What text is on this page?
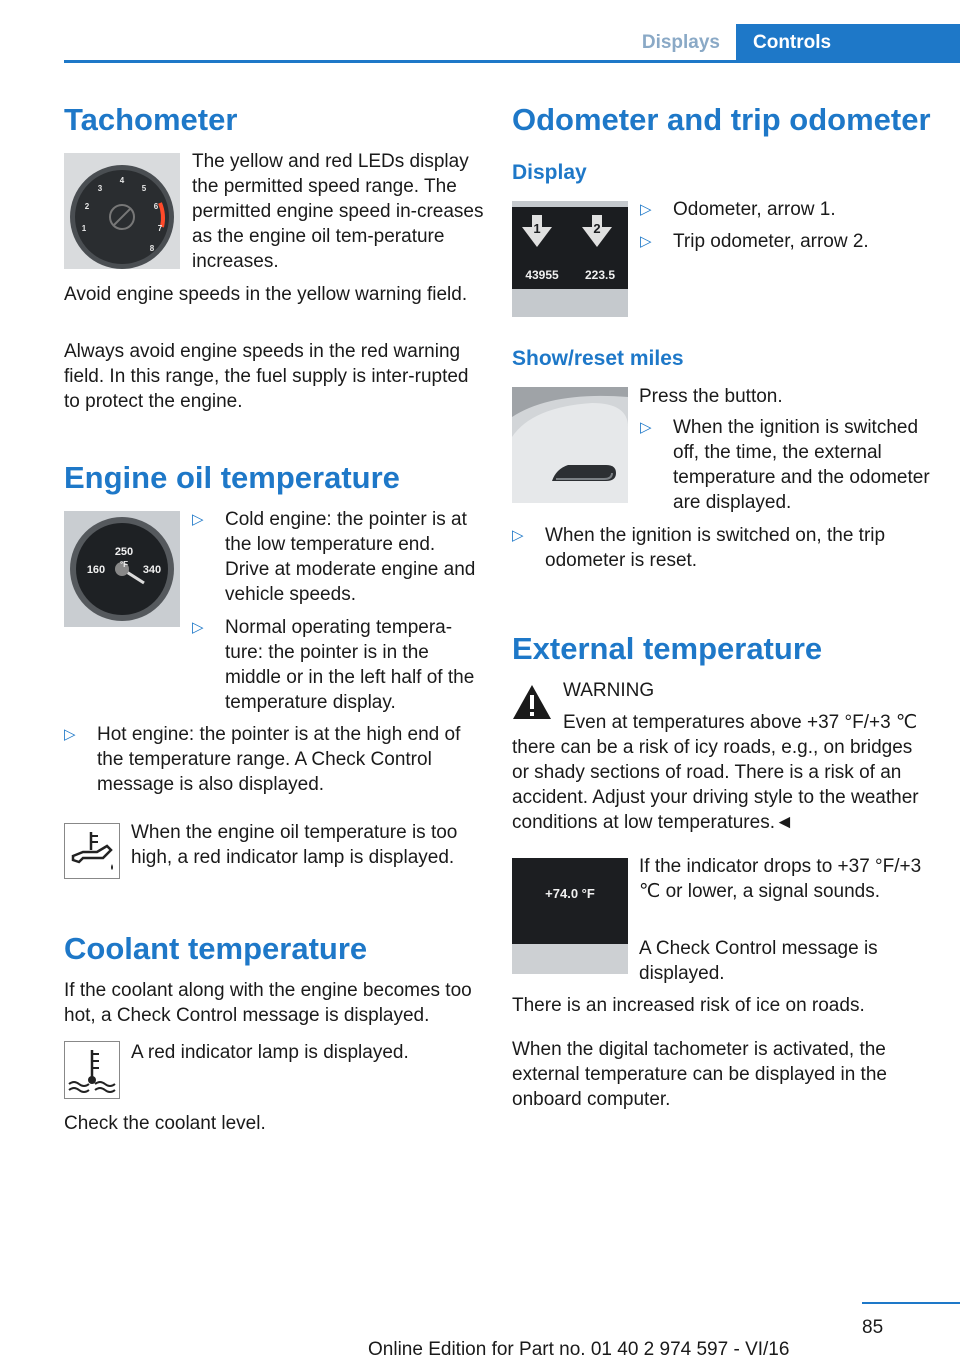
Displays	Controls
Tachometer
1
2
3
4
5
6
7
8

The yellow and red LEDs display the permitted speed range. The permitted engine speed in-creases as the engine oil tem-perature increases.

Avoid engine speeds in the yellow warning field.

Always avoid engine speeds in the red warning field. In this range, the fuel supply is inter-rupted to protect the engine.

Engine oil temperature
250
°F
160	340
▷	Cold engine: the pointer is at the low temperature end. Drive at moderate engine and vehicle speeds.
▷	Normal operating tempera-ture: the pointer is in the middle or in the left half of the temperature display.
▷	Hot engine: the pointer is at the high end of the temperature range. A Check Control message is also displayed.

When the engine oil temperature is too high, a red indicator lamp is displayed.

Coolant temperature

If the coolant along with the engine becomes too hot, a Check Control message is displayed.

A red indicator lamp is displayed.

Check the coolant level.

Odometer and trip odometer
Display
1	2
43955 223.5
▷	Odometer, arrow 1.
▷	Trip odometer, arrow 2.
Show/reset miles

Press the button.

▷	When the ignition is switched off, the time, the external temperature and the odometer are displayed.
▷	When the ignition is switched on, the trip odometer is reset.
External temperature

WARNING

Even at temperatures above +37 °F/+3 ℃ there can be a risk of icy roads, e.g., on bridges or shady sections of road. There is a risk of an accident. Adjust your driving style to the weather conditions at low temperatures.◄

+74.0 °F

If the indicator drops to +37 °F/+3 ℃ or lower, a signal sounds.

A Check Control message is displayed.

There is an increased risk of ice on roads.

When the digital tachometer is activated, the external temperature can be displayed in the onboard computer.

85
Online Edition for Part no. 01 40 2 974 597 - VI/16
